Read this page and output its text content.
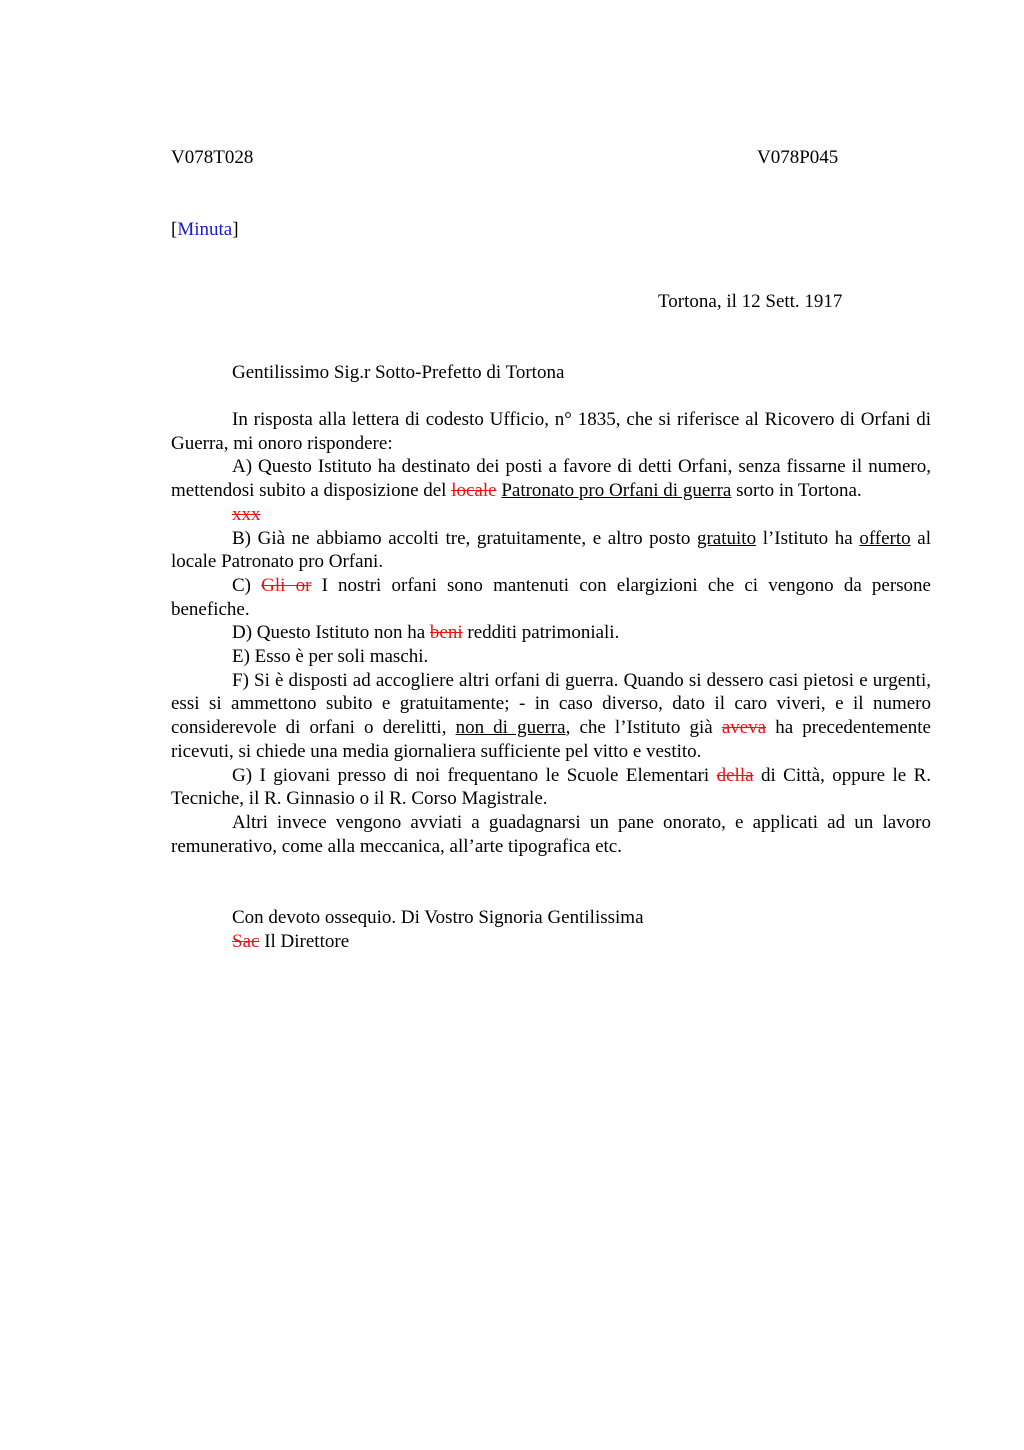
V078T028	V078P045
[Minuta]
Tortona, il 12 Sett. 1917
Gentilissimo Sig.r Sotto-Prefetto di Tortona

In risposta alla lettera di codesto Ufficio, n° 1835, che si riferisce al Ricovero di Orfani di Guerra, mi onoro rispondere:

A) Questo Istituto ha destinato dei posti a favore di detti Orfani, senza fissarne il numero, mettendosi subito a disposizione del locale Patronato pro Orfani di guerra sorto in Tortona.

xxx

B) Già ne abbiamo accolti tre, gratuitamente, e altro posto gratuito l’Istituto ha offerto al locale Patronato pro Orfani.

C) Gli or I nostri orfani sono mantenuti con elargizioni che ci vengono da persone benefiche.

D) Questo Istituto non ha beni redditi patrimoniali.

E) Esso è per soli maschi.

F) Si è disposti ad accogliere altri orfani di guerra. Quando si dessero casi pietosi e urgenti, essi si ammettono subito e gratuitamente; - in caso diverso, dato il caro viveri, e il numero considerevole di orfani o derelitti, non di guerra, che l’Istituto già aveva ha precedentemente ricevuti, si chiede una media giornaliera sufficiente pel vitto e vestito.

G) I giovani presso di noi frequentano le Scuole Elementari della di Città, oppure le R. Tecniche, il R. Ginnasio o il R. Corso Magistrale.

Altri invece vengono avviati a guadagnarsi un pane onorato, e applicati ad un lavoro remunerativo, come alla meccanica, all’arte tipografica etc.

Con devoto ossequio. Di Vostro Signoria Gentilissima
Sac Il Direttore
